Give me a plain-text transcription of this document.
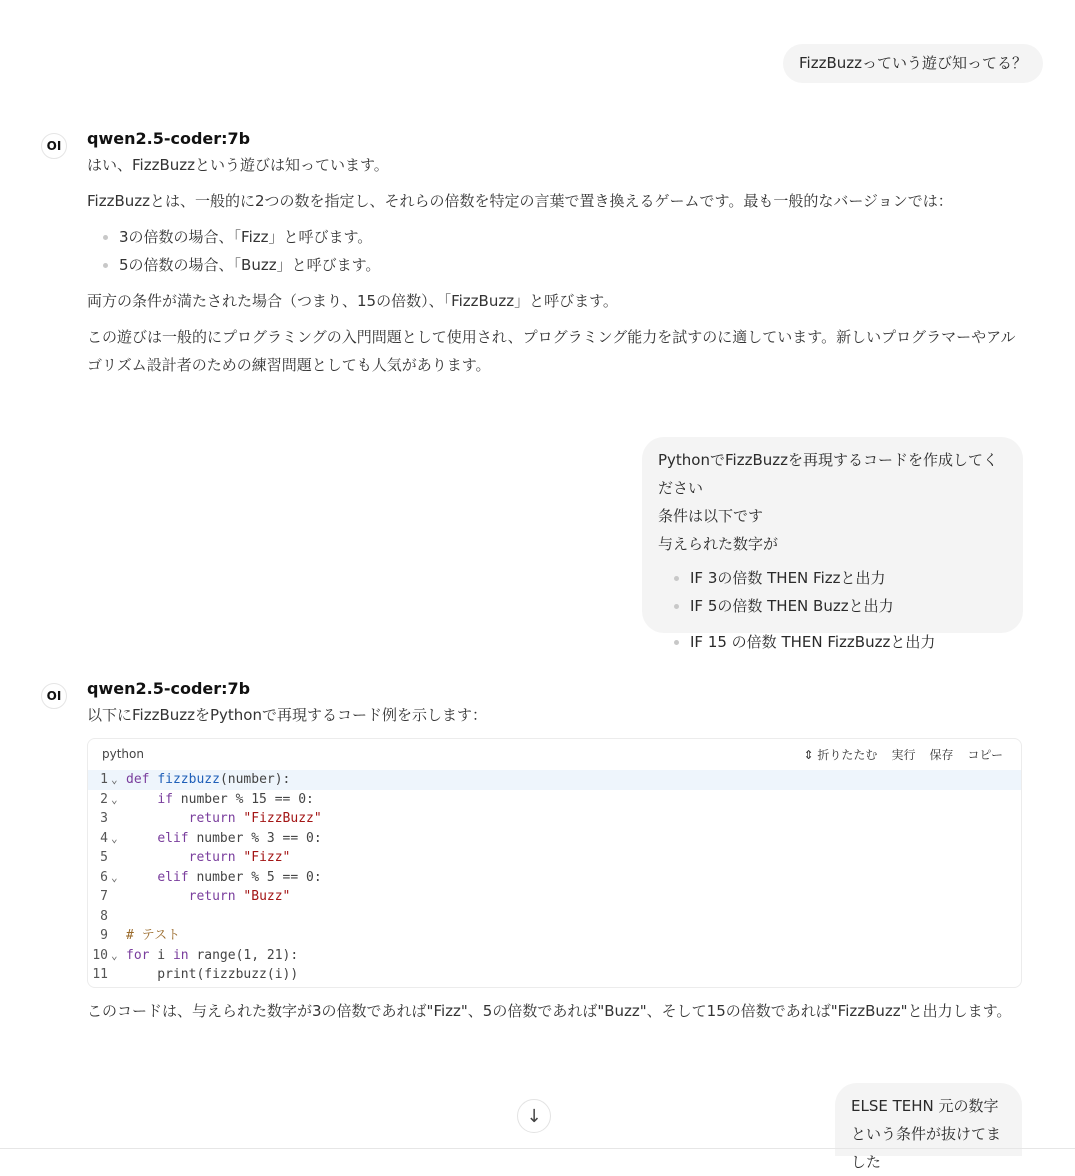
FizzBuzzっていう遊び知ってる？
OI	qwen2.5-coder:7b

はい、FizzBuzzという遊びは知っています。

FizzBuzzとは、一般的に2つの数を指定し、それらの倍数を特定の言葉で置き換えるゲームです。最も一般的なバージョンでは：

• 3の倍数の場合、「Fizz」と呼びます。
• 5の倍数の場合、「Buzz」と呼びます。

両方の条件が満たされた場合（つまり、15の倍数）、「FizzBuzz」と呼びます。

この遊びは一般的にプログラミングの入門問題として使用され、プログラミング能力を試すのに適しています。新しいプログラマーやアルゴリズム設計者のための練習問題としても人気があります。

PythonでFizzBuzzを再現するコードを作成してください
条件は以下です
与えられた数字が
• IF 3の倍数 THEN Fizzと出力
• IF 5の倍数 THEN Buzzと出力
• IF 15 の倍数 THEN FizzBuzzと出力
OI	qwen2.5-coder:7b

以下にFizzBuzzをPythonで再現するコード例を示します：

python	⇕ 折りたたむ 実行 保存 コピー
1 ⌄ def fizzbuzz(number):
2 ⌄	if number % 15 == 0:
3	return "FizzBuzz"
4 ⌄	elif number % 3 == 0:
5	return "Fizz"
6 ⌄	elif number % 5 == 0:
7	return "Buzz"
8
9 # テスト
10 ⌄ for i in range(1, 21):
11 print(fizzbuzz(i))

このコードは、与えられた数字が3の倍数であれば"Fizz"、5の倍数であれば"Buzz"、そして15の倍数であれば"FizzBuzz"と出力します。

ELSE TEHN 元の数字
という条件が抜けてました
↓
